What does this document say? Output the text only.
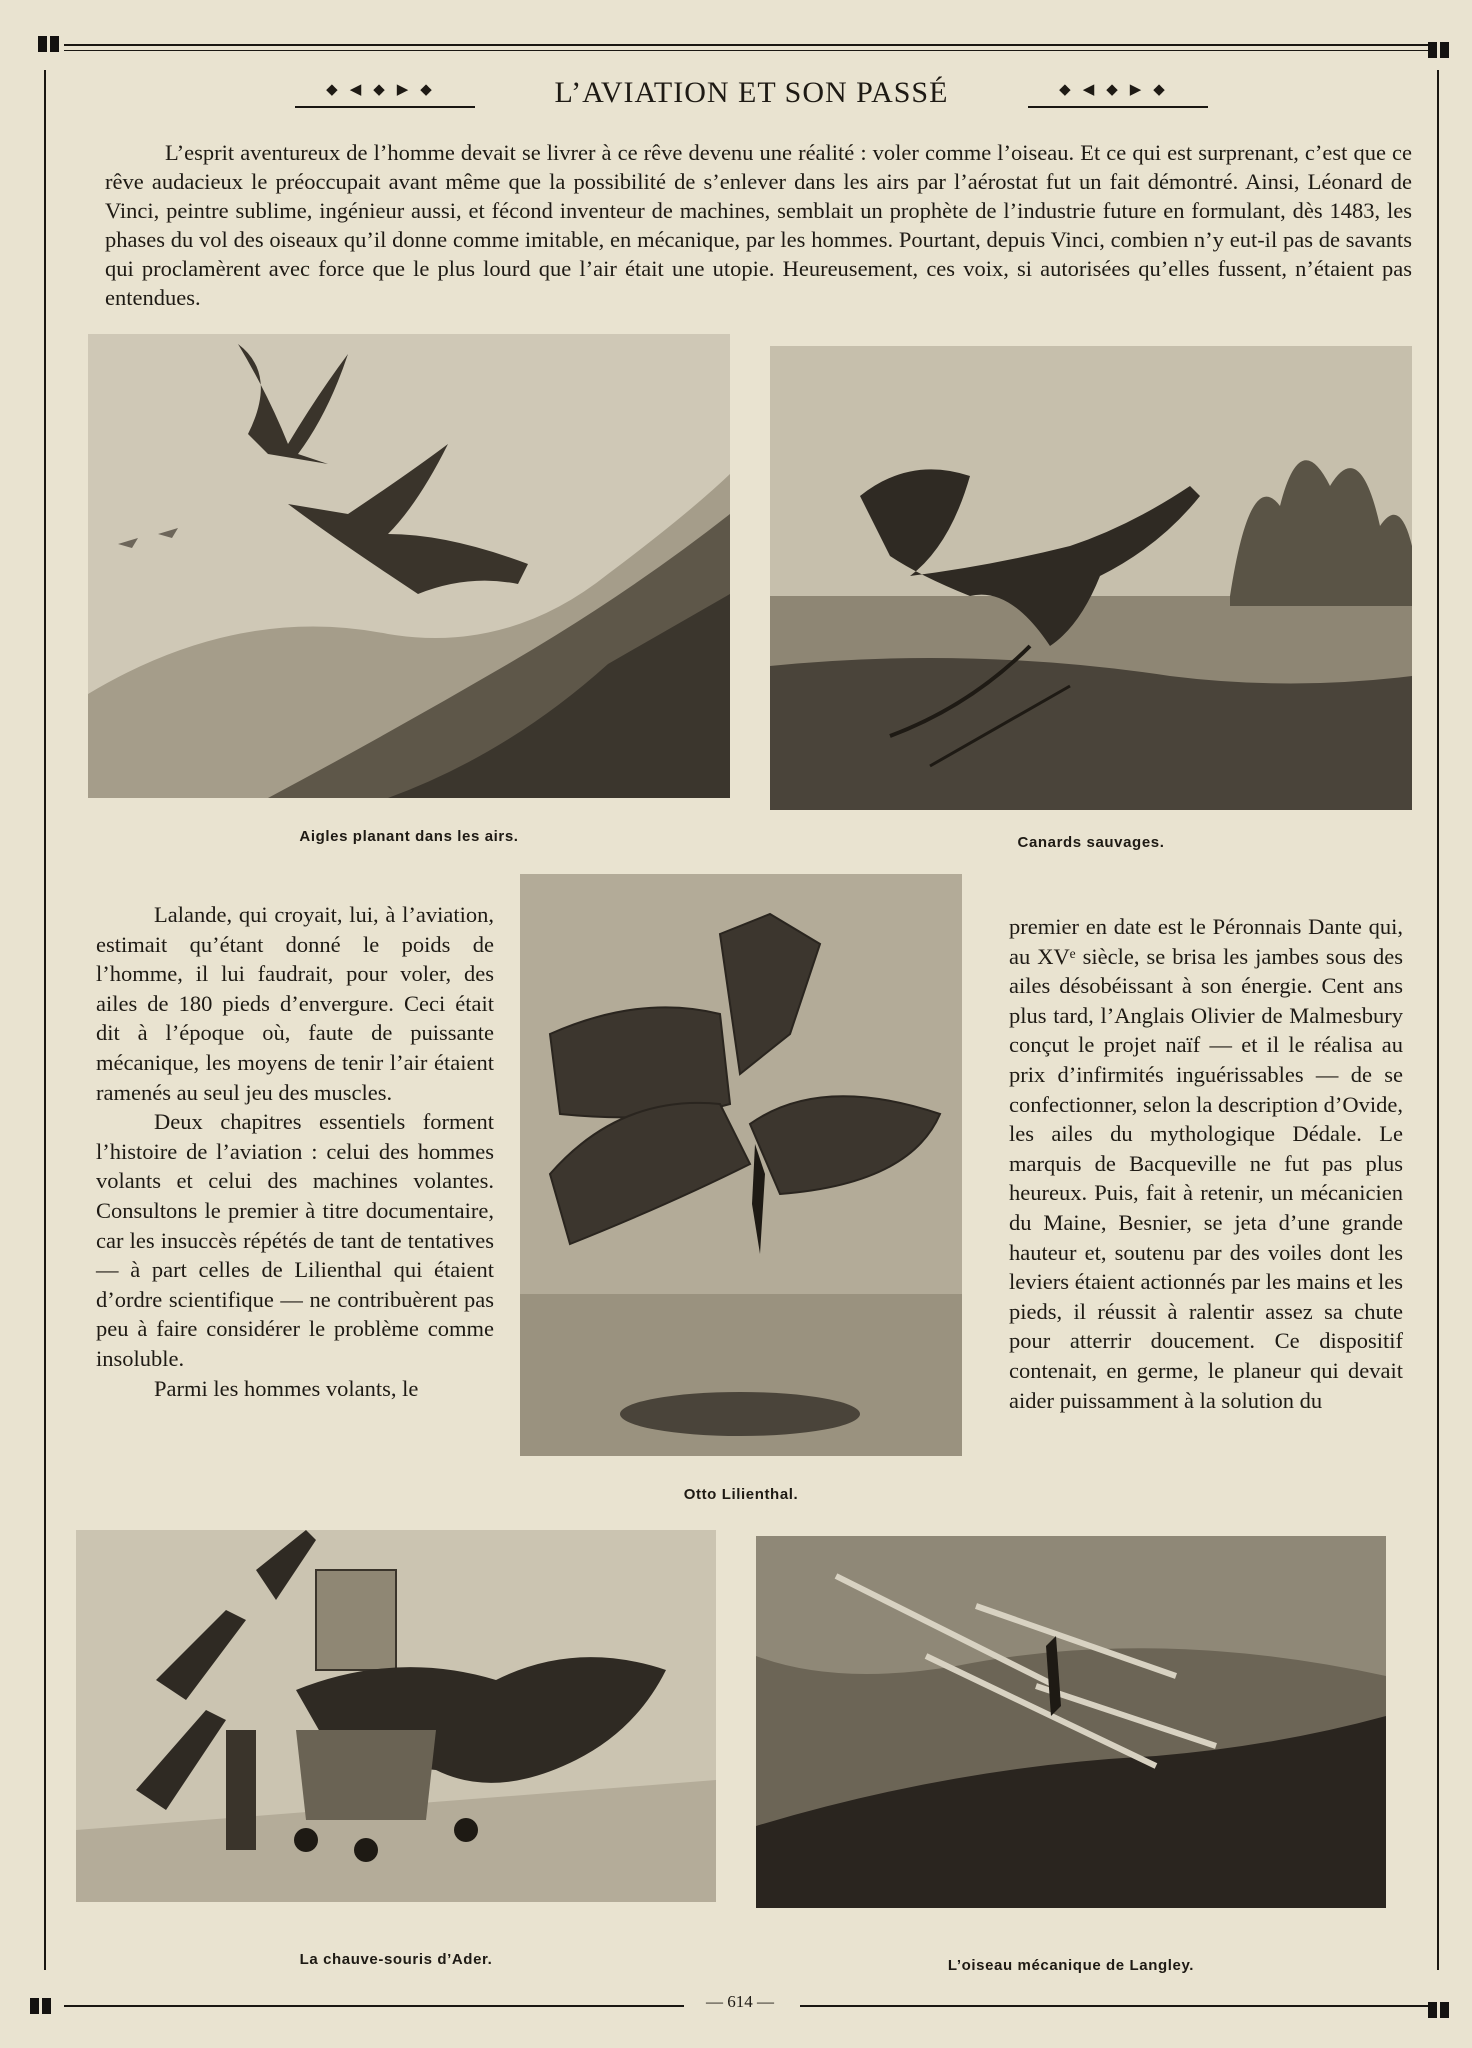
◆◀◆▶◆	L’AVIATION ET SON PASSÉ	◆◀◆▶◆

L’esprit aventureux de l’homme devait se livrer à ce rêve devenu une réalité : voler comme l’oiseau. Et ce qui est surprenant, c’est que ce rêve audacieux le préoccupait avant même que la possibilité de s’enlever dans les airs par l’aérostat fut un fait démontré. Ainsi, Léonard de Vinci, peintre sublime, ingénieur aussi, et fécond inventeur de machines, semblait un prophète de l’industrie future en formulant, dès 1483, les phases du vol des oiseaux qu’il donne comme imitable, en mécanique, par les hommes. Pourtant, depuis Vinci, combien n’y eut-il pas de savants qui proclamèrent avec force que le plus lourd que l’air était une utopie. Heureusement, ces voix, si autorisées qu’elles fussent, n’étaient pas entendues.

Aigles planant dans les airs.	Canards sauvages.
Otto Lilienthal.

Lalande, qui croyait, lui, à l’aviation, estimait qu’étant donné le poids de l’homme, il lui faudrait, pour voler, des ailes de 180 pieds d’envergure. Ceci était dit à l’époque où, faute de puissante mécanique, les moyens de tenir l’air étaient ramenés au seul jeu des muscles.

Deux chapitres essentiels forment l’histoire de l’aviation : celui des hommes volants et celui des machines volantes. Consultons le premier à titre documentaire, car les insuccès répétés de tant de tentatives — à part celles de Lilienthal qui étaient d’ordre scientifique — ne contribuèrent pas peu à faire considérer le problème comme insoluble.

Parmi les hommes volants, le

premier en date est le Péronnais Dante qui, au XVᵉ siècle, se brisa les jambes sous des ailes désobéissant à son énergie. Cent ans plus tard, l’Anglais Olivier de Malmesbury conçut le projet naïf — et il le réalisa au prix d’infirmités inguérissables — de se confectionner, selon la description d’Ovide, les ailes du mythologique Dédale. Le marquis de Bacqueville ne fut pas plus heureux. Puis, fait à retenir, un mécanicien du Maine, Besnier, se jeta d’une grande hauteur et, soutenu par des voiles dont les leviers étaient actionnés par les mains et les pieds, il réussit à ralentir assez sa chute pour atterrir doucement. Ce dispositif contenait, en germe, le planeur qui devait aider puissamment à la solution du

La chauve-souris d’Ader.	L’oiseau mécanique de Langley.
— 614 —
